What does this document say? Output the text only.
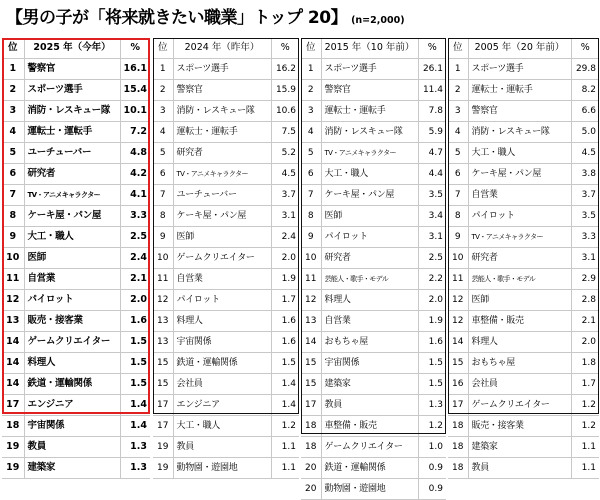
【男の子が「将来就きたい職業」トップ 20】 (n=2,000)
位	2025 年（今年）	%
1	警察官	16.1
2	スポーツ選手	15.4
3	消防・レスキュー隊	10.1
4	運転士・運転手	7.2
5	ユーチューバー	4.8
6	研究者	4.2
7	TV・アニメキャラクター	4.1
8	ケーキ屋・パン屋	3.3
9	大工・職人	2.5
10	医師	2.4
11	自営業	2.1
12	パイロット	2.0
13	販売・接客業	1.6
14	ゲームクリエイター	1.5
14	料理人	1.5
14	鉄道・運輸関係	1.5
17	エンジニア	1.4
18	宇宙関係	1.4
19	教員	1.3
19	建築家	1.3
位	2024 年（昨年）	%
1	スポーツ選手	16.2
2	警察官	15.9
3	消防・レスキュー隊	10.6
4	運転士・運転手	7.5
5	研究者	5.2
6	TV・アニメキャラクター	4.5
7	ユーチューバー	3.7
8	ケーキ屋・パン屋	3.1
9	医師	2.4
10	ゲームクリエイター	2.0
11	自営業	1.9
12	パイロット	1.7
13	料理人	1.6
13	宇宙関係	1.6
15	鉄道・運輸関係	1.5
15	会社員	1.4
17	エンジニア	1.4
17	大工・職人	1.2
19	教員	1.1
19	動物園・遊園地	1.1
位	2015 年（10 年前）	%
1	スポーツ選手	26.1
2	警察官	11.4
3	運転士・運転手	7.8
4	消防・レスキュー隊	5.9
5	TV・アニメキャラクター	4.7
6	大工・職人	4.4
7	ケーキ屋・パン屋	3.5
8	医師	3.4
9	パイロット	3.1
10	研究者	2.5
11	芸能人・歌手・モデル	2.2
12	料理人	2.0
13	自営業	1.9
14	おもちゃ屋	1.6
15	宇宙関係	1.5
15	建築家	1.5
17	教員	1.3
18	車整備・販売	1.2
18	ゲームクリエイター	1.0
20	鉄道・運輸関係	0.9
20	動物園・遊園地	0.9
位	2005 年（20 年前）	%
1	スポーツ選手	29.8
2	運転士・運転手	8.2
3	警察官	6.6
4	消防・レスキュー隊	5.0
5	大工・職人	4.5
6	ケーキ屋・パン屋	3.8
7	自営業	3.7
8	パイロット	3.5
9	TV・アニメキャラクター	3.3
10	研究者	3.1
11	芸能人・歌手・モデル	2.9
12	医師	2.8
12	車整備・販売	2.1
14	料理人	2.0
15	おもちゃ屋	1.8
16	会社員	1.7
17	ゲームクリエイター	1.2
18	販売・接客業	1.2
18	建築家	1.1
18	教員	1.1
